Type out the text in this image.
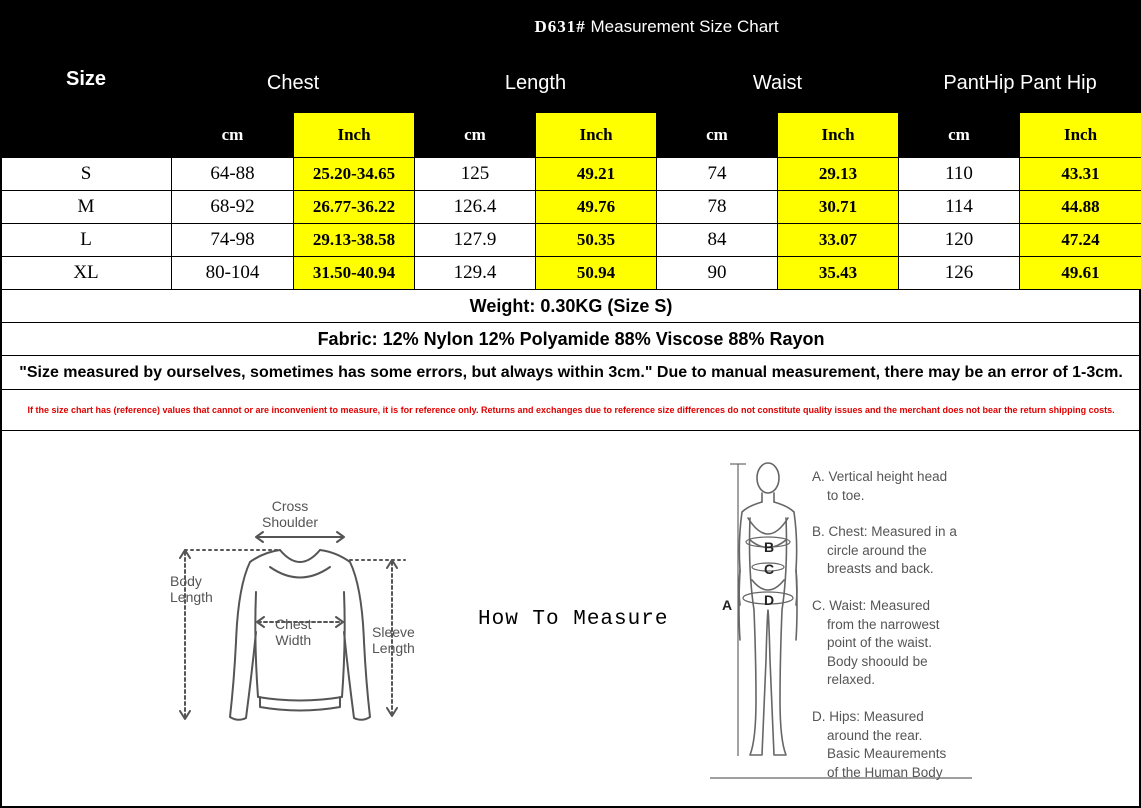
Size	D631# Measurement Size Chart							
	Chest		Length		Waist		PantHip Pant Hip	
	cm	Inch	cm	Inch	cm	Inch	cm	Inch
S	64-88	25.20-34.65	125	49.21	74	29.13	110	43.31
M	68-92	26.77-36.22	126.4	49.76	78	30.71	114	44.88
L	74-98	29.13-38.58	127.9	50.35	84	33.07	120	47.24
XL	80-104	31.50-40.94	129.4	50.94	90	35.43	126	49.61
Weight: 0.30KG (Size S)								
Fabric: 12% Nylon 12% Polyamide 88% Viscose 88% Rayon								
"Size measured by ourselves, sometimes has some errors, but always within 3cm." Due to manual measurement, there may be an error of 1-3cm.								
If the size chart has (reference) values that cannot or are inconvenient to measure, it is for reference only. Returns and exchanges due to reference size differences do not constitute quality issues and the merchant does not bear the return shipping costs.								
Cross
Shoulder
Body
Length
Chest
Width	Sleeve
Length
How To Measure
B
C
A D
A. Vertical height head
to toe.
B. Chest: Measured in a
circle around the
breasts and back.
C. Waist: Measured
from the narrowest
point of the waist.
Body shoould be
relaxed.
D. Hips: Measured
around the rear.
Basic Meaurements
of the Human Body
